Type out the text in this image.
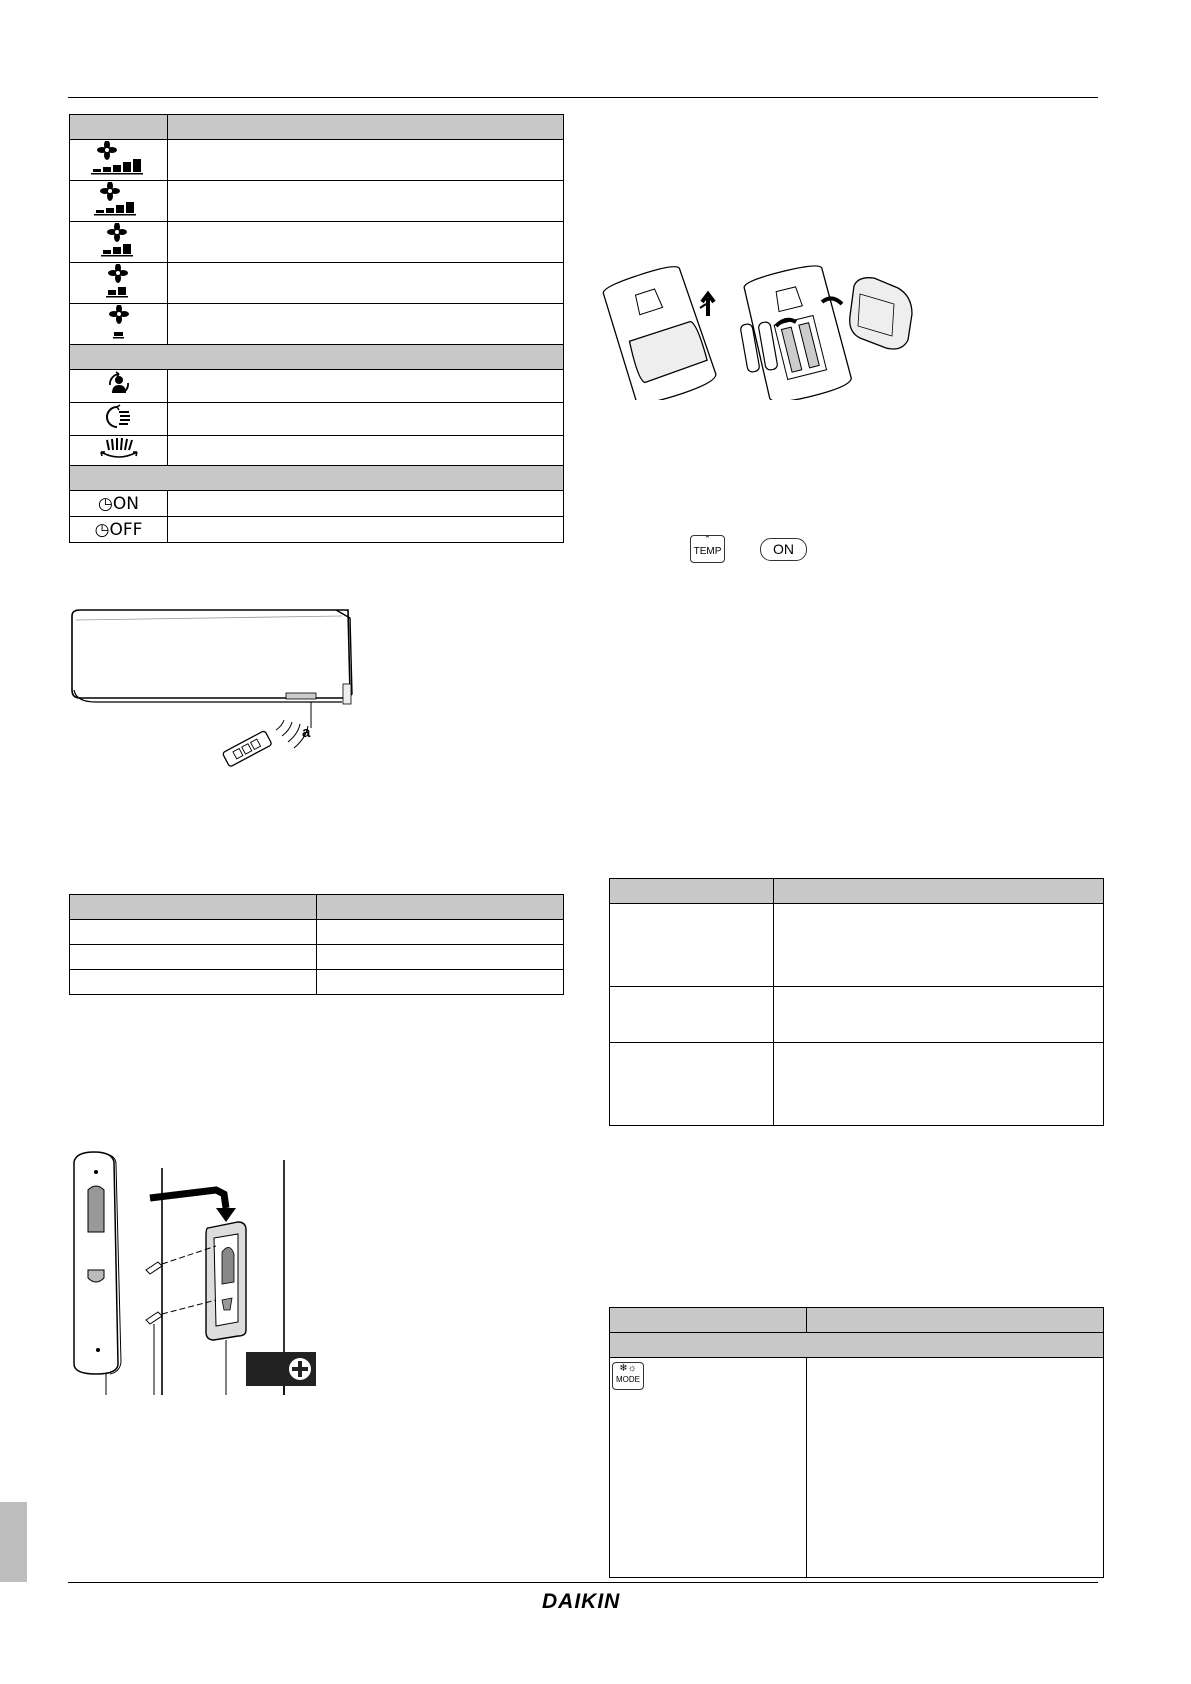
◷ON	
◷OFF	
a

ˆ
TEMP	ON

❄☼
MODE	

DAIKIN
